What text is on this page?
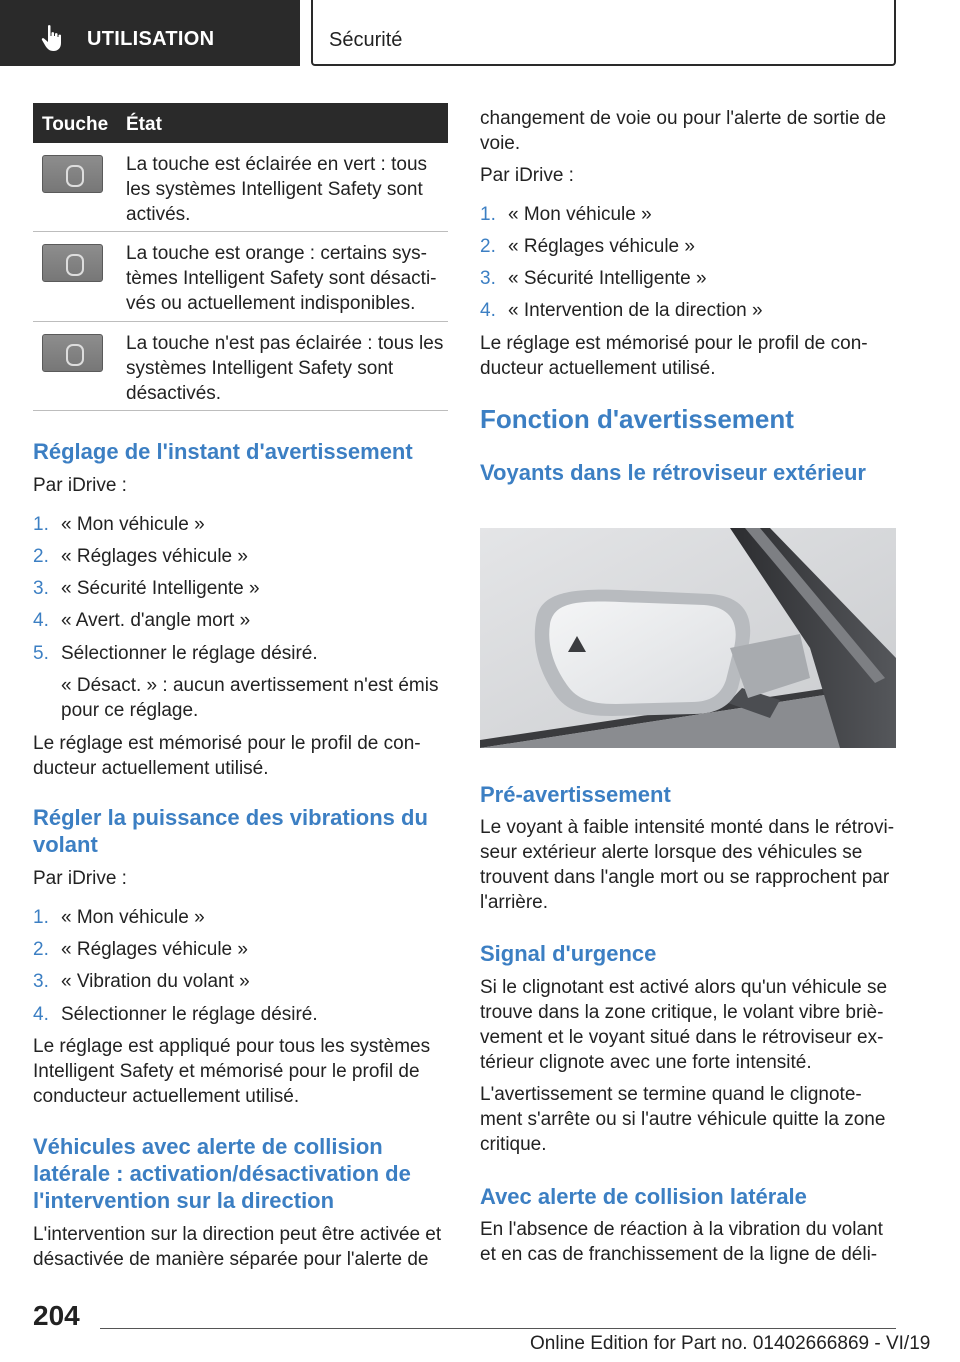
UTILISATION	Sécurité
Touche État
La touche est éclairée en vert : tous les systèmes Intelligent Safety sont activés.
La touche est orange : certains systèmes Intelligent Safety sont désactivés ou actuellement indisponibles.
La touche n'est pas éclairée : tous les systèmes Intelligent Safety sont désactivés.
Réglage de l'instant d'avertissement
Par iDrive :
1. « Mon véhicule »
2. « Réglages véhicule »
3. « Sécurité Intelligente »
4. « Avert. d'angle mort »
5. Sélectionner le réglage désiré.
« Désact. » : aucun avertissement n'est émis pour ce réglage.
Le réglage est mémorisé pour le profil de conducteur actuellement utilisé.
Régler la puissance des vibrations du volant
Par iDrive :
1. « Mon véhicule »
2. « Réglages véhicule »
3. « Vibration du volant »
4. Sélectionner le réglage désiré.
Le réglage est appliqué pour tous les systèmes Intelligent Safety et mémorisé pour le profil de conducteur actuellement utilisé.
Véhicules avec alerte de collision latérale : activation/désactivation de l'intervention sur la direction
L'intervention sur la direction peut être activée et désactivée de manière séparée pour l'alerte de
changement de voie ou pour l'alerte de sortie de voie.
Par iDrive :
1. « Mon véhicule »
2. « Réglages véhicule »
3. « Sécurité Intelligente »
4. « Intervention de la direction »
Le réglage est mémorisé pour le profil de conducteur actuellement utilisé.
Fonction d'avertissement
Voyants dans le rétroviseur extérieur
Pré-avertissement
Le voyant à faible intensité monté dans le rétroviseur extérieur alerte lorsque des véhicules se trouvent dans l'angle mort ou se rapprochent par l'arrière.
Signal d'urgence
Si le clignotant est activé alors qu'un véhicule se trouve dans la zone critique, le volant vibre brièvement et le voyant situé dans le rétroviseur extérieur clignote avec une forte intensité.
L'avertissement se termine quand le clignotement s'arrête ou si l'autre véhicule quitte la zone critique.
Avec alerte de collision latérale
En l'absence de réaction à la vibration du volant et en cas de franchissement de la ligne de déli-
204
Online Edition for Part no. 01402666869 - VI/19
